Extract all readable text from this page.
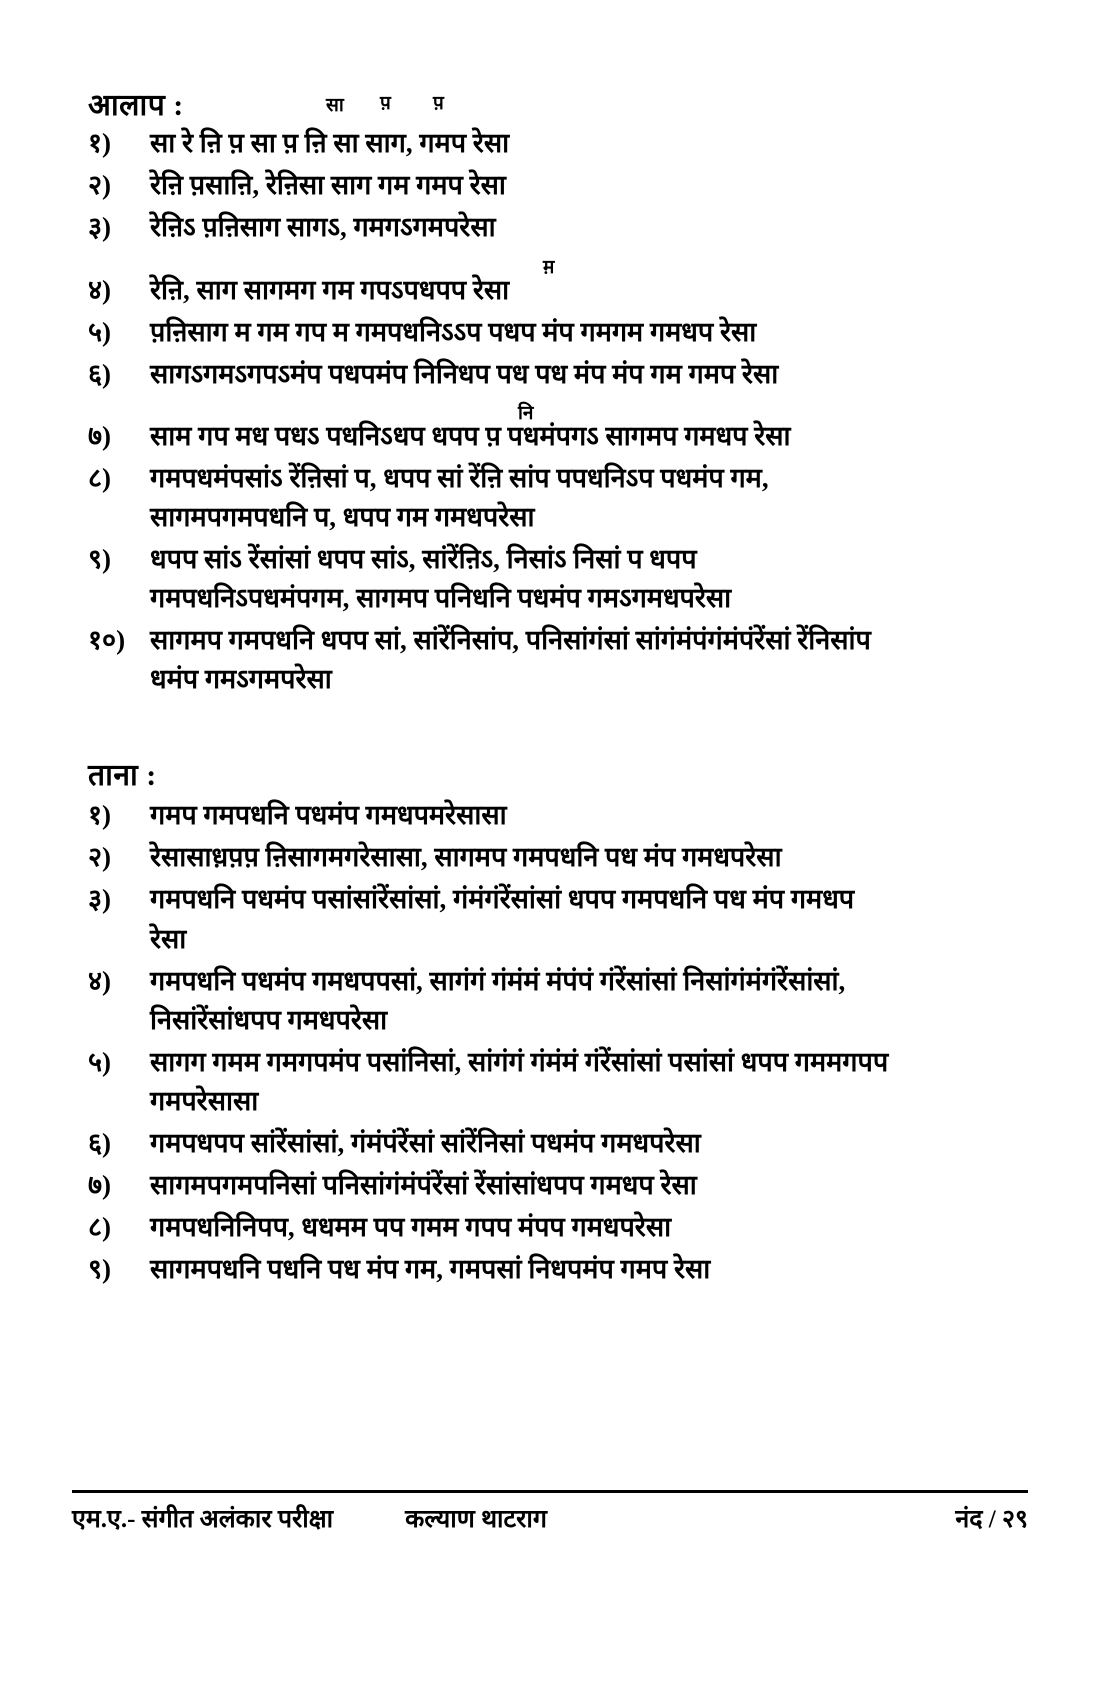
आलाप :	सा प़ प़
१)	सा रे ऩि प़ सा प़ ऩि सा साग, गमप रेसा
२)	रेऩि प़साऩि, रेऩिसा साग गम गमप रेसा
३)	रेऩिऽ प़ऩिसाग सागऽ, गमगऽगमपरेसा
म़
४)	रेऩि, साग सागमग गम गपऽपधपप रेसा
५)	प़ऩिसाग म गम गप म गमपधनिऽऽप पधप मंप गमगम गमधप रेसा
६)	सागऽगमऽगपऽमंप पधपमंप निनिधप पध पध मंप मंप गम गमप रेसा
नि
७)	साम गप मध पधऽ पधनिऽधप धपप प़ पधमंपगऽ सागमप गमधप रेसा
८)	गमपधमंपसांऽ रेंऩिसां प, धपप सां रेंऩि सांप पपधनिऽप पधमंप गम,
सागमपगमपधनि प, धपप गम गमधपरेसा
९)	धपप सांऽ रेंसांसां धपप सांऽ, सांरेंऩिऽ, निसांऽ निसां प धपप
गमपधनिऽपधमंपगम, सागमप पनिधनि पधमंप गमऽगमधपरेसा
१०) सागमप गमपधनि धपप सां, सांरेंनिसांप, पनिसांगंसां सांगंमंपंगंमंपंरेंसां रेंनिसांप
धमंप गमऽगमपरेसा
ताना :
१)	गमप गमपधनि पधमंप गमधपमरेसासा
२)	रेसासाध़प़प़ ऩिसागमगरेसासा, सागमप गमपधनि पध मंप गमधपरेसा
३)	गमपधनि पधमंप पसांसांरेंसांसां, गंमंगंरेंसांसां धपप गमपधनि पध मंप गमधप
रेसा
४)	गमपधनि पधमंप गमधपपसां, सागंगं गंमंमं मंपंपं गंरेंसांसां निसांगंमंगंरेंसांसां,
निसांरेंसांधपप गमधपरेसा
५)	सागग गमम गमगपमंप पसांनिसां, सांगंगं गंमंमं गंरेंसांसां पसांसां धपप गममगपप
गमपरेसासा
६)	गमपधपप सांरेंसांसां, गंमंपंरेंसां सांरेंनिसां पधमंप गमधपरेसा
७)	सागमपगमपनिसां पनिसांगंमंपंरेंसां रेंसांसांधपप गमधप रेसा
८)	गमपधनिनिपप, धधमम पप गमम गपप मंपप गमधपरेसा
९)	सागमपधनि पधनि पध मंप गम, गमपसां निधपमंप गमप रेसा
एम.ए.- संगीत अलंकार परीक्षा	कल्याण थाटराग	नंद / २९
